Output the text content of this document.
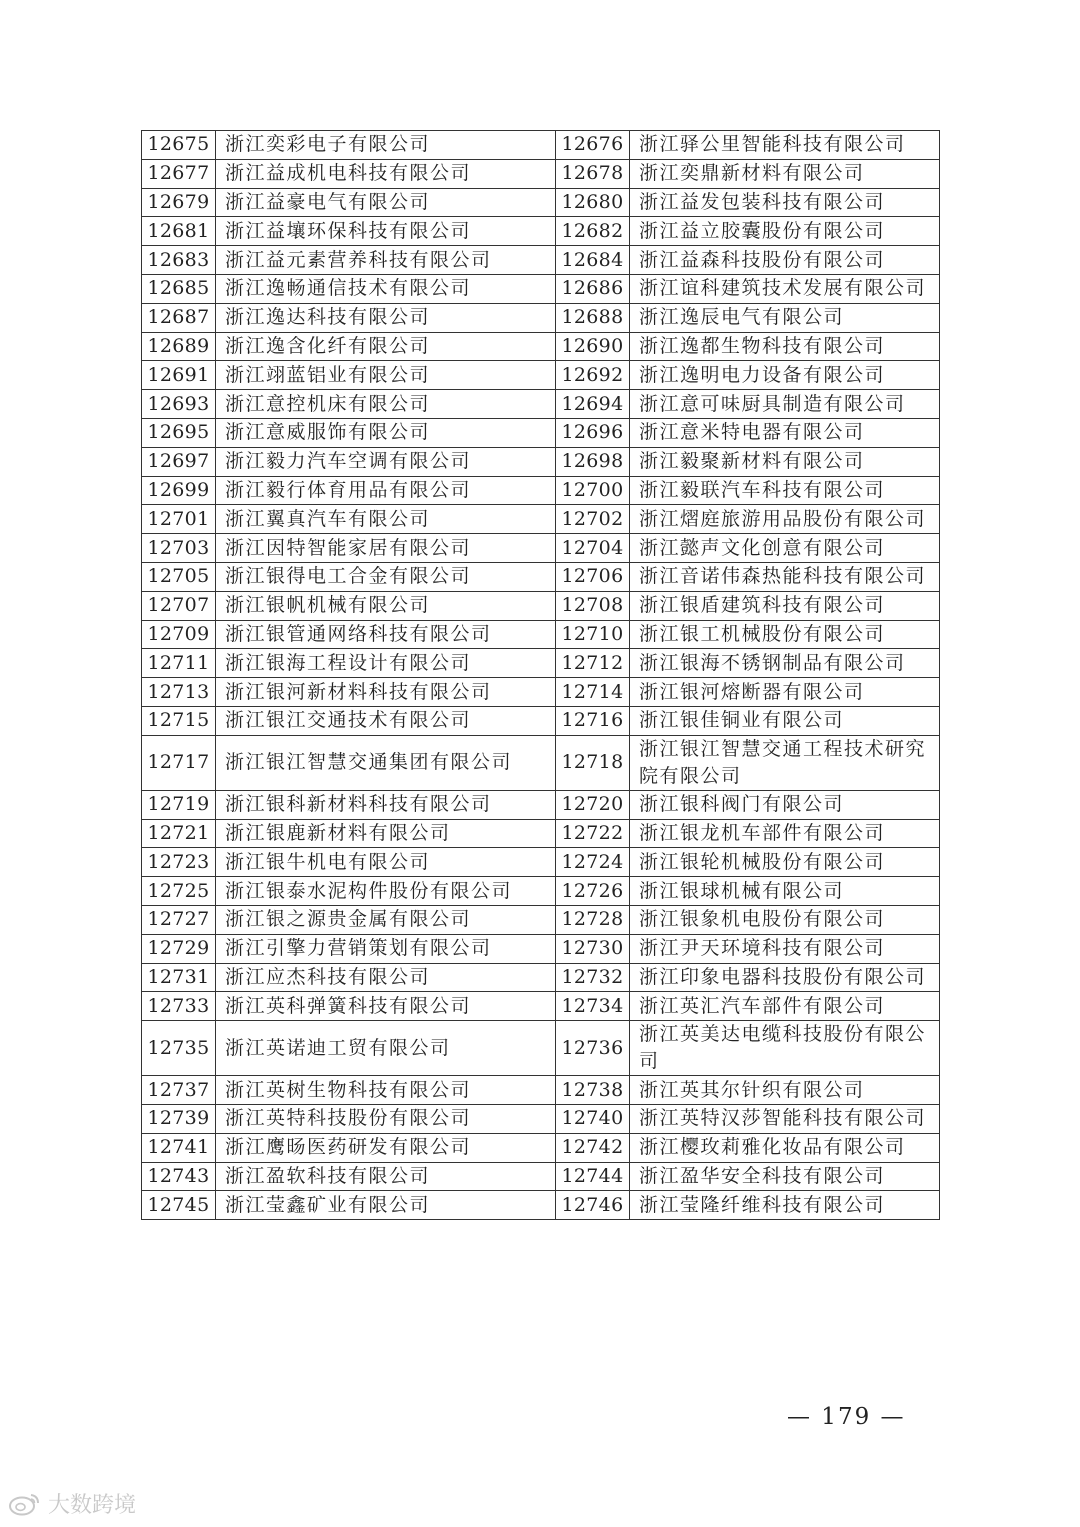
12675	浙江奕彩电子有限公司	12676	浙江驿公里智能科技有限公司
12677	浙江益成机电科技有限公司	12678	浙江奕鼎新材料有限公司
12679	浙江益豪电气有限公司	12680	浙江益发包装科技有限公司
12681	浙江益壤环保科技有限公司	12682	浙江益立胶囊股份有限公司
12683	浙江益元素营养科技有限公司	12684	浙江益森科技股份有限公司
12685	浙江逸畅通信技术有限公司	12686	浙江谊科建筑技术发展有限公司
12687	浙江逸达科技有限公司	12688	浙江逸辰电气有限公司
12689	浙江逸含化纤有限公司	12690	浙江逸都生物科技有限公司
12691	浙江翊蓝铝业有限公司	12692	浙江逸明电力设备有限公司
12693	浙江意控机床有限公司	12694	浙江意可味厨具制造有限公司
12695	浙江意威服饰有限公司	12696	浙江意米特电器有限公司
12697	浙江毅力汽车空调有限公司	12698	浙江毅聚新材料有限公司
12699	浙江毅行体育用品有限公司	12700	浙江毅联汽车科技有限公司
12701	浙江翼真汽车有限公司	12702	浙江熠庭旅游用品股份有限公司
12703	浙江因特智能家居有限公司	12704	浙江懿声文化创意有限公司
12705	浙江银得电工合金有限公司	12706	浙江音诺伟森热能科技有限公司
12707	浙江银帆机械有限公司	12708	浙江银盾建筑科技有限公司
12709	浙江银管通网络科技有限公司	12710	浙江银工机械股份有限公司
12711	浙江银海工程设计有限公司	12712	浙江银海不锈钢制品有限公司
12713	浙江银河新材料科技有限公司	12714	浙江银河熔断器有限公司
12715	浙江银江交通技术有限公司	12716	浙江银佳铜业有限公司
12717	浙江银江智慧交通集团有限公司	12718	浙江银江智慧交通工程技术研究院有限公司
12719	浙江银科新材料科技有限公司	12720	浙江银科阀门有限公司
12721	浙江银鹿新材料有限公司	12722	浙江银龙机车部件有限公司
12723	浙江银牛机电有限公司	12724	浙江银轮机械股份有限公司
12725	浙江银泰水泥构件股份有限公司	12726	浙江银球机械有限公司
12727	浙江银之源贵金属有限公司	12728	浙江银象机电股份有限公司
12729	浙江引擎力营销策划有限公司	12730	浙江尹天环境科技有限公司
12731	浙江应杰科技有限公司	12732	浙江印象电器科技股份有限公司
12733	浙江英科弹簧科技有限公司	12734	浙江英汇汽车部件有限公司
12735	浙江英诺迪工贸有限公司	12736	浙江英美达电缆科技股份有限公司
12737	浙江英树生物科技有限公司	12738	浙江英其尔针织有限公司
12739	浙江英特科技股份有限公司	12740	浙江英特汉莎智能科技有限公司
12741	浙江鹰旸医药研发有限公司	12742	浙江樱玫莉雅化妆品有限公司
12743	浙江盈软科技有限公司	12744	浙江盈华安全科技有限公司
12745	浙江莹鑫矿业有限公司	12746	浙江莹隆纤维科技有限公司
— 179 —
大数跨境
